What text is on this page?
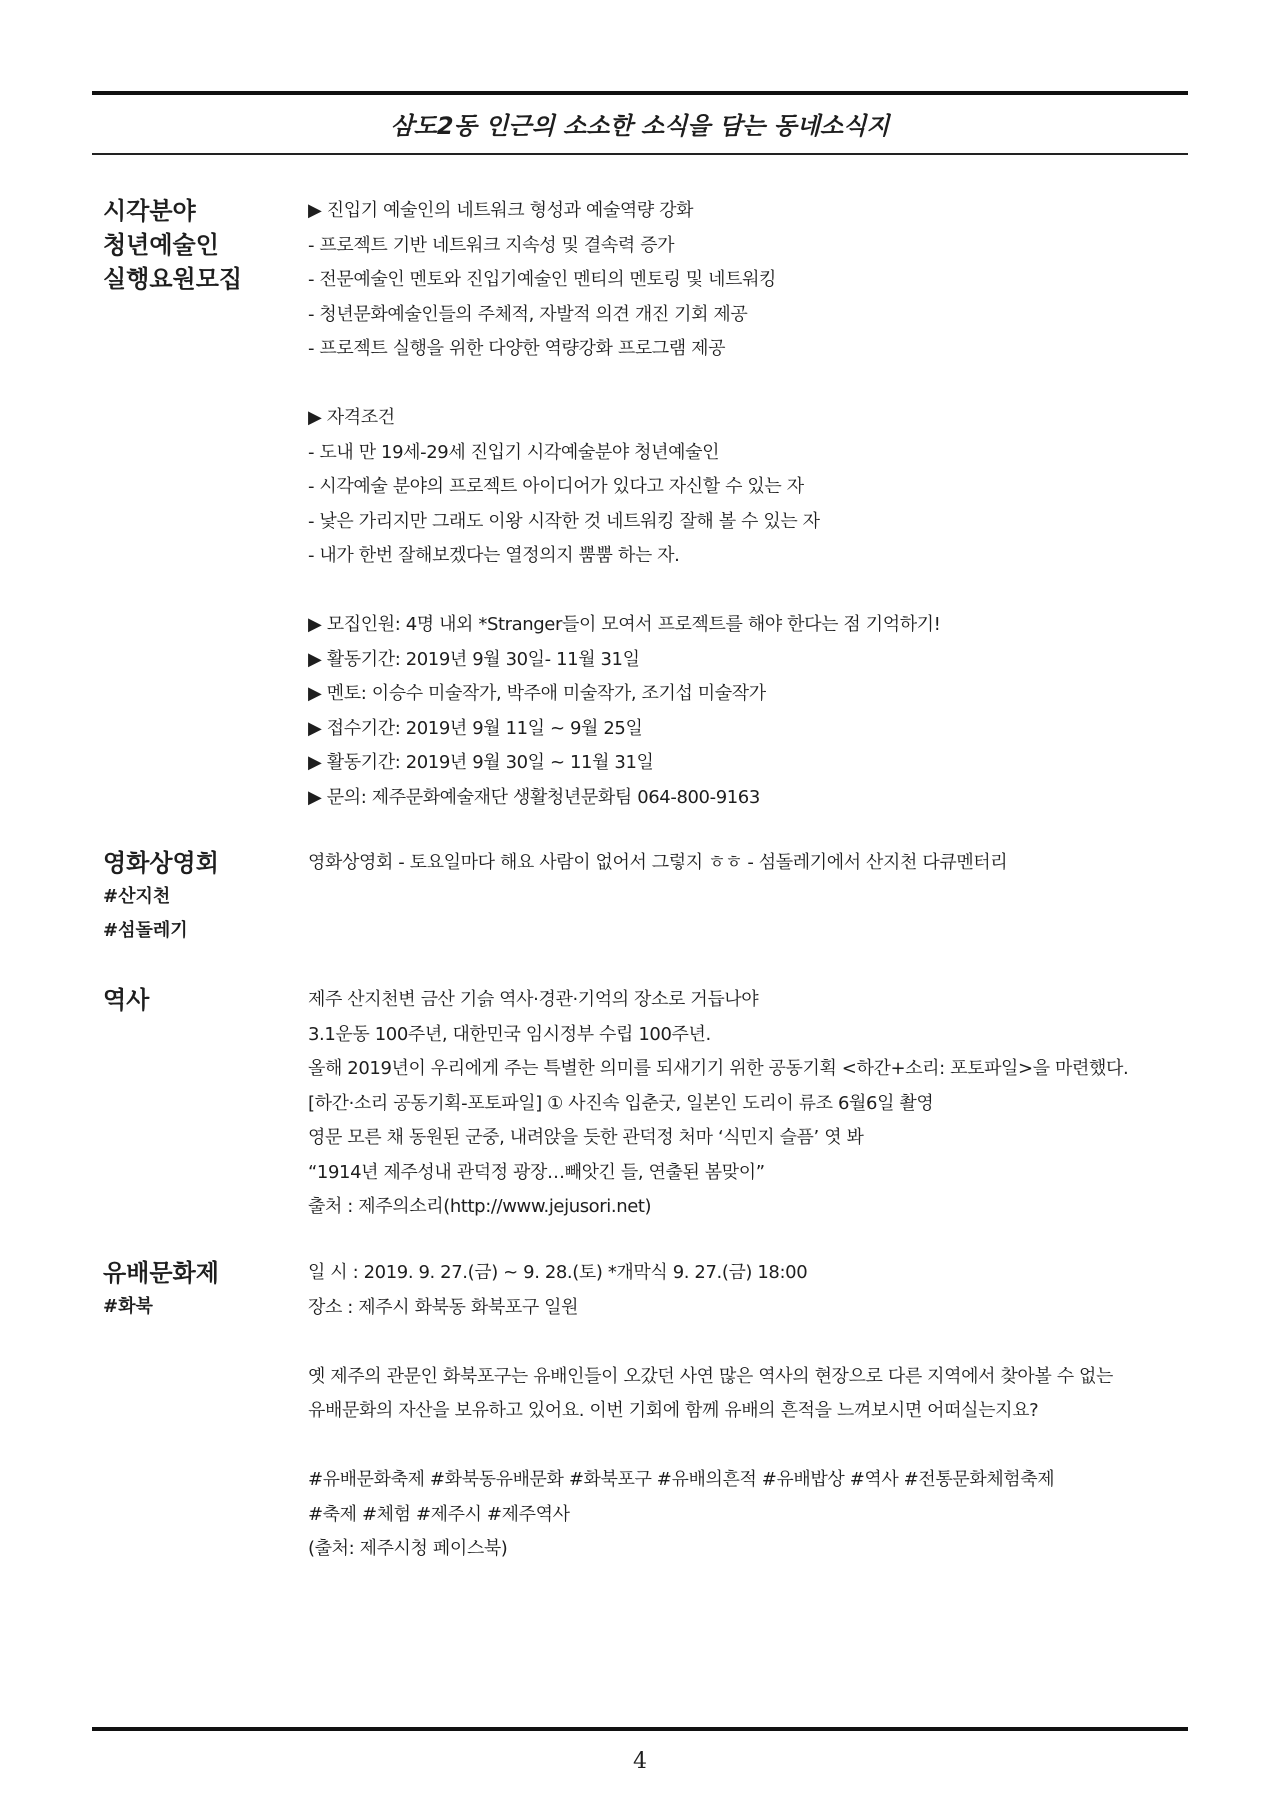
삼도2동 인근의 소소한 소식을 담는 동네소식지
시각분야
청년예술인
실행요원모집
▶ 진입기 예술인의 네트워크 형성과 예술역량 강화
- 프로젝트 기반 네트워크 지속성 및 결속력 증가
- 전문예술인 멘토와 진입기예술인 멘티의 멘토링 및 네트워킹
- 청년문화예술인들의 주체적, 자발적 의견 개진 기회 제공
- 프로젝트 실행을 위한 다양한 역량강화 프로그램 제공
▶ 자격조건
- 도내 만 19세-29세 진입기 시각예술분야 청년예술인
- 시각예술 분야의 프로젝트 아이디어가 있다고 자신할 수 있는 자
- 낯은 가리지만 그래도 이왕 시작한 것 네트워킹 잘해 볼 수 있는 자
- 내가 한번 잘해보겠다는 열정의지 뿜뿜 하는 자.
▶ 모집인원: 4명 내외 *Stranger들이 모여서 프로젝트를 해야 한다는 점 기억하기!
▶ 활동기간: 2019년 9월 30일- 11월 31일
▶ 멘토: 이승수 미술작가, 박주애 미술작가, 조기섭 미술작가
▶ 접수기간: 2019년 9월 11일 ~ 9월 25일
▶ 활동기간: 2019년 9월 30일 ~ 11월 31일
▶ 문의: 제주문화예술재단 생활청년문화팀 064-800-9163
영화상영회
#산지천
#섬돌레기
영화상영회 - 토요일마다 해요 사람이 없어서 그렇지 ㅎㅎ - 섬돌레기에서 산지천 다큐멘터리
역사	제주 산지천변 금산 기슭 역사·경관·기억의 장소로 거듭나야
3.1운동 100주년, 대한민국 임시정부 수립 100주년.
올해 2019년이 우리에게 주는 특별한 의미를 되새기기 위한 공동기획 <하간+소리: 포토파일>을 마련했다.
[하간·소리 공동기획-포토파일] ① 사진속 입춘굿, 일본인 도리이 류조 6월6일 촬영
영문 모른 채 동원된 군중, 내려앉을 듯한 관덕정 처마 ‘식민지 슬픔’ 엿 봐
“1914년 제주성내 관덕정 광장…빼앗긴 들, 연출된 봄맞이”
출처 : 제주의소리(http://www.jejusori.net)
유배문화제
#화북
일 시 : 2019. 9. 27.(금) ~ 9. 28.(토) *개막식 9. 27.(금) 18:00
장소 : 제주시 화북동 화북포구 일원
옛 제주의 관문인 화북포구는 유배인들이 오갔던 사연 많은 역사의 현장으로 다른 지역에서 찾아볼 수 없는
유배문화의 자산을 보유하고 있어요. 이번 기회에 함께 유배의 흔적을 느껴보시면 어떠실는지요?
#유배문화축제 #화북동유배문화 #화북포구 #유배의흔적 #유배밥상 #역사 #전통문화체험축제
#축제 #체험 #제주시 #제주역사
(출처: 제주시청 페이스북)
4
